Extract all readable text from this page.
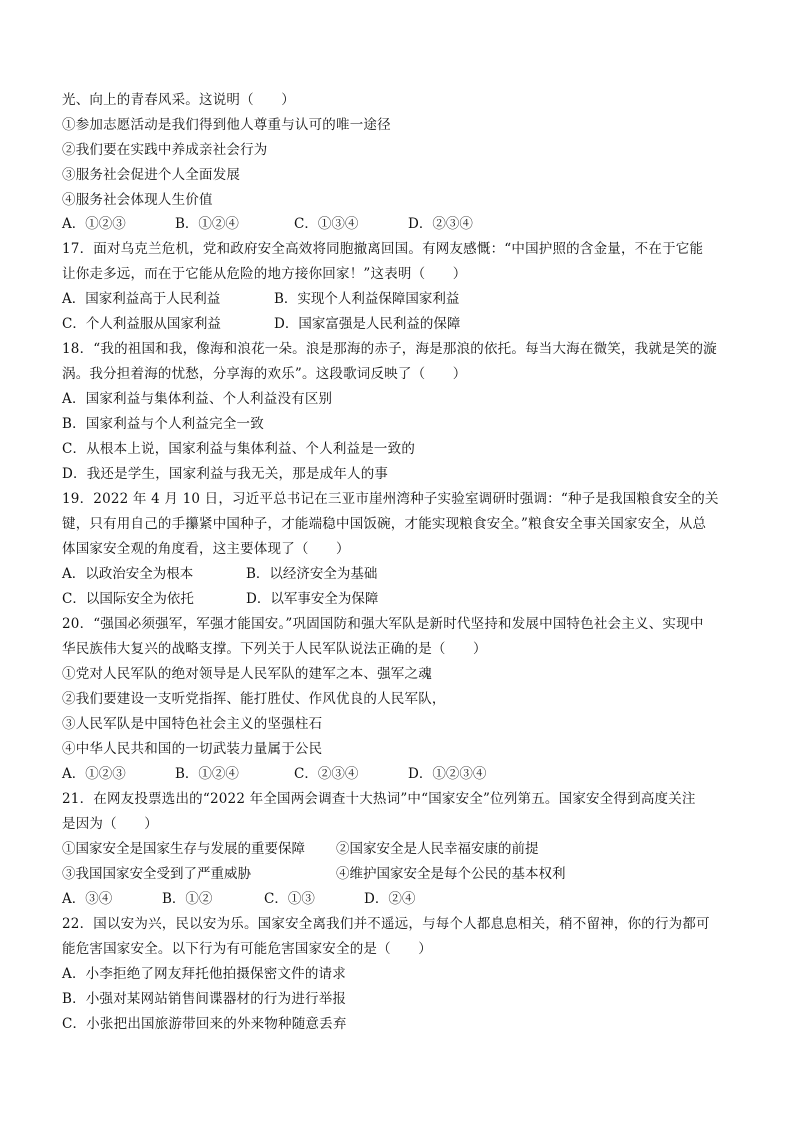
光、向上的青春风采。这说明（　　）
①参加志愿活动是我们得到他人尊重与认可的唯一途径
②我们要在实践中养成亲社会行为
③服务社会促进个人全面发展
④服务社会体现人生价值
A．①②③	B．①②④	C．①③④	D．②③④
17．面对乌克兰危机，党和政府安全高效将同胞撤离回国。有网友感慨：“中国护照的含金量，不在于它能
让你走多远，而在于它能从危险的地方接你回家！”这表明（　　）
A．国家利益高于人民利益	B．实现个人利益保障国家利益
C．个人利益服从国家利益	D．国家富强是人民利益的保障
18．“我的祖国和我，像海和浪花一朵。浪是那海的赤子，海是那浪的依托。每当大海在微笑，我就是笑的漩
涡。我分担着海的忧愁，分享海的欢乐”。这段歌词反映了（　　）
A．国家利益与集体利益、个人利益没有区别
B．国家利益与个人利益完全一致
C．从根本上说，国家利益与集体利益、个人利益是一致的
D．我还是学生，国家利益与我无关，那是成年人的事
19．2022 年 4 月 10 日，习近平总书记在三亚市崖州湾种子实验室调研时强调：“种子是我国粮食安全的关
键，只有用自己的手攥紧中国种子，才能端稳中国饭碗，才能实现粮食安全。”粮食安全事关国家安全，从总
体国家安全观的角度看，这主要体现了（　　）
A．以政治安全为根本	B．以经济安全为基础
C．以国际安全为依托	D．以军事安全为保障
20．“强国必须强军，军强才能国安。”巩固国防和强大军队是新时代坚持和发展中国特色社会主义、实现中
华民族伟大复兴的战略支撑。下列关于人民军队说法正确的是（　　）
①党对人民军队的绝对领导是人民军队的建军之本、强军之魂
②我们要建设一支听党指挥、能打胜仗、作风优良的人民军队，
③人民军队是中国特色社会主义的坚强柱石
④中华人民共和国的一切武装力量属于公民
A．①②③	B．①②④	C．②③④	D．①②③④
21．在网友投票选出的“2022 年全国两会调查十大热词”中“国家安全”位列第五。国家安全得到高度关注
是因为（　　）
①国家安全是国家生存与发展的重要保障 ②国家安全是人民幸福安康的前提
③我国国家安全受到了严重威胁	④维护国家安全是每个公民的基本权利
A．③④	B．①②	C．①③	D．②④
22．国以安为兴，民以安为乐。国家安全离我们并不遥远，与每个人都息息相关，稍不留神，你的行为都可
能危害国家安全。以下行为有可能危害国家安全的是（　　）
A．小李拒绝了网友拜托他拍摄保密文件的请求
B．小强对某网站销售间谍器材的行为进行举报
C．小张把出国旅游带回来的外来物种随意丢弃
